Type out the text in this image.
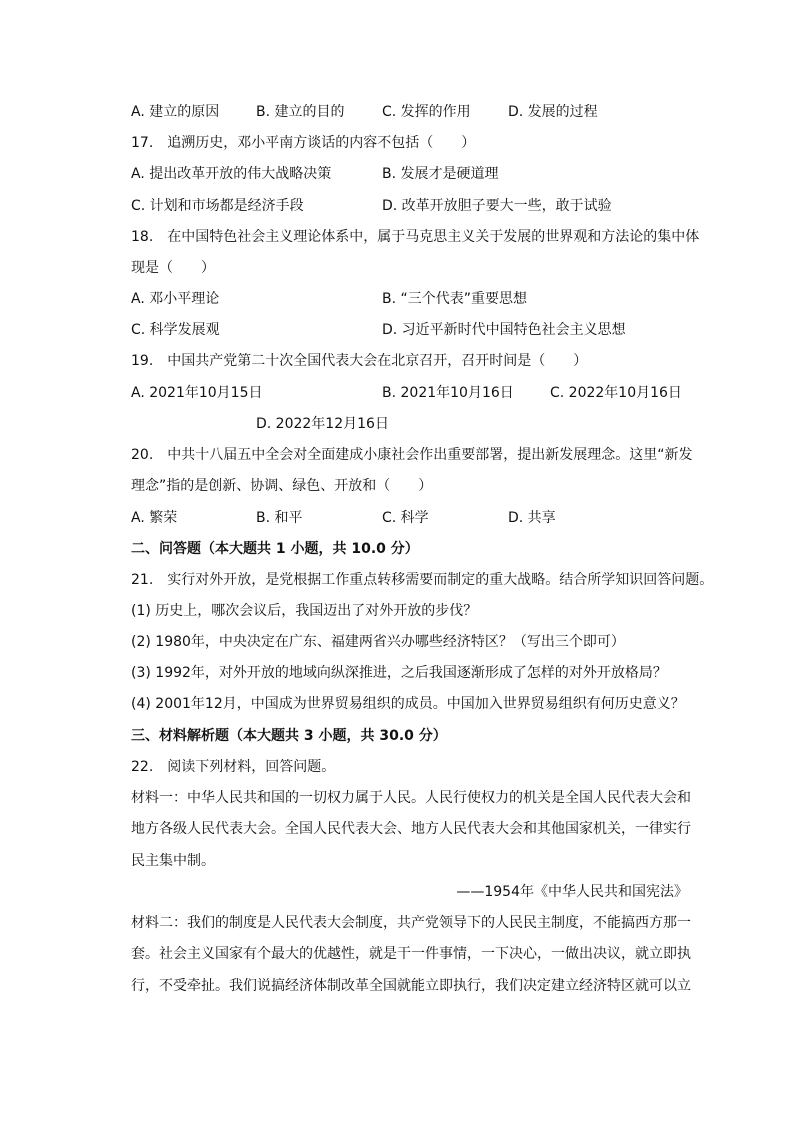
A. 建立的原因	B. 建立的目的	C. 发挥的作用	D. 发展的过程
17.　追溯历史，邓小平南方谈话的内容不包括（　　）
A. 提出改革开放的伟大战略决策	B. 发展才是硬道理
C. 计划和市场都是经济手段	D. 改革开放胆子要大一些，敢于试验
18.　在中国特色社会主义理论体系中，属于马克思主义关于发展的世界观和方法论的集中体
现是（　　）
A. 邓小平理论	B. “三个代表”重要思想
C. 科学发展观	D. 习近平新时代中国特色社会主义思想
19.　中国共产党第二十次全国代表大会在北京召开，召开时间是（　　）
A. 2021年10月15日	B. 2021年10月16日	C. 2022年10月16日
D. 2022年12月16日
20.　中共十八届五中全会对全面建成小康社会作出重要部署，提出新发展理念。这里“新发
理念”指的是创新、协调、绿色、开放和（　　）
A. 繁荣	B. 和平	C. 科学	D. 共享
二、问答题（本大题共 1 小题，共 10.0 分）
21.　实行对外开放，是党根据工作重点转移需要而制定的重大战略。结合所学知识回答问题。
(1) 历史上，哪次会议后，我国迈出了对外开放的步伐？
(2) 1980年，中央决定在广东、福建两省兴办哪些经济特区？（写出三个即可）
(3) 1992年，对外开放的地域向纵深推进，之后我国逐渐形成了怎样的对外开放格局？
(4) 2001年12月，中国成为世界贸易组织的成员。中国加入世界贸易组织有何历史意义？
三、材料解析题（本大题共 3 小题，共 30.0 分）
22.　阅读下列材料，回答问题。
材料一：中华人民共和国的一切权力属于人民。人民行使权力的机关是全国人民代表大会和
地方各级人民代表大会。全国人民代表大会、地方人民代表大会和其他国家机关，一律实行
民主集中制。
——1954年《中华人民共和国宪法》
材料二：我们的制度是人民代表大会制度，共产党领导下的人民民主制度，不能搞西方那一
套。社会主义国家有个最大的优越性，就是干一件事情，一下决心，一做出决议，就立即执
行，不受牵扯。我们说搞经济体制改革全国就能立即执行，我们决定建立经济特区就可以立
